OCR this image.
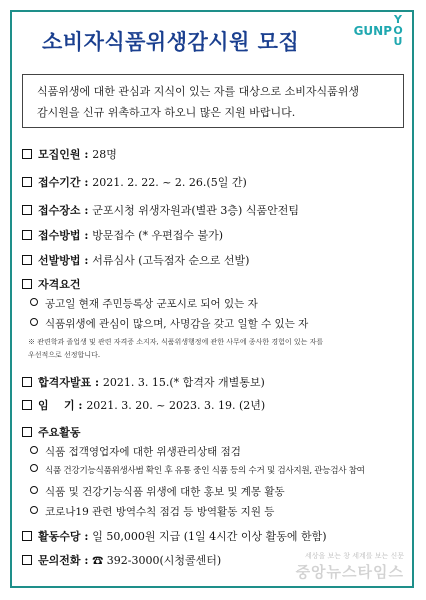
소비자식품위생감시원 모집	GUNP
Y
O
U
식품위생에 대한 관심과 지식이 있는 자를 대상으로 소비자식품위생
감시원을 신규 위촉하고자 하오니 많은 지원 바랍니다.
모집인원 : 28명
접수기간 : 2021. 2. 22. ~ 2. 26.(5일 간)
접수장소 : 군포시청 위생자원과(별관 3층) 식품안전팀
접수방법 : 방문접수 (* 우편접수 불가)
선발방법 : 서류심사 (고득점자 순으로 선발)
자격요건
공고일 현재 주민등록상 군포시로 되어 있는 자
식품위생에 관심이 많으며, 사명감을 갖고 일할 수 있는 자
※ 관련학과 졸업생 및 관련 자격증 소지자, 식품위생행정에 관한 사무에 종사한 경험이 있는 자를
우선적으로 선정합니다.
합격자발표 : 2021. 3. 15.(* 합격자 개별통보)
임    기 : 2021. 3. 20. ~ 2023. 3. 19. (2년)
주요활동
식품 접객영업자에 대한 위생관리상태 점검
식품 건강기능식품위생사범 확인 후 유통 중인 식품 등의 수거 및 검사지원, 관능검사 참여
식품 및 건강기능식품 위생에 대한 홍보 및 계몽 활동
코로나19 관련 방역수칙 점검 등 방역활동 지원 등
활동수당 : 일 50,000원 지급 (1일 4시간 이상 활동에 한함)
문의전화 : ☎ 392-3000(시청콜센터)	세상을 보는 창 세계를 보는 신문
중앙뉴스타임스
